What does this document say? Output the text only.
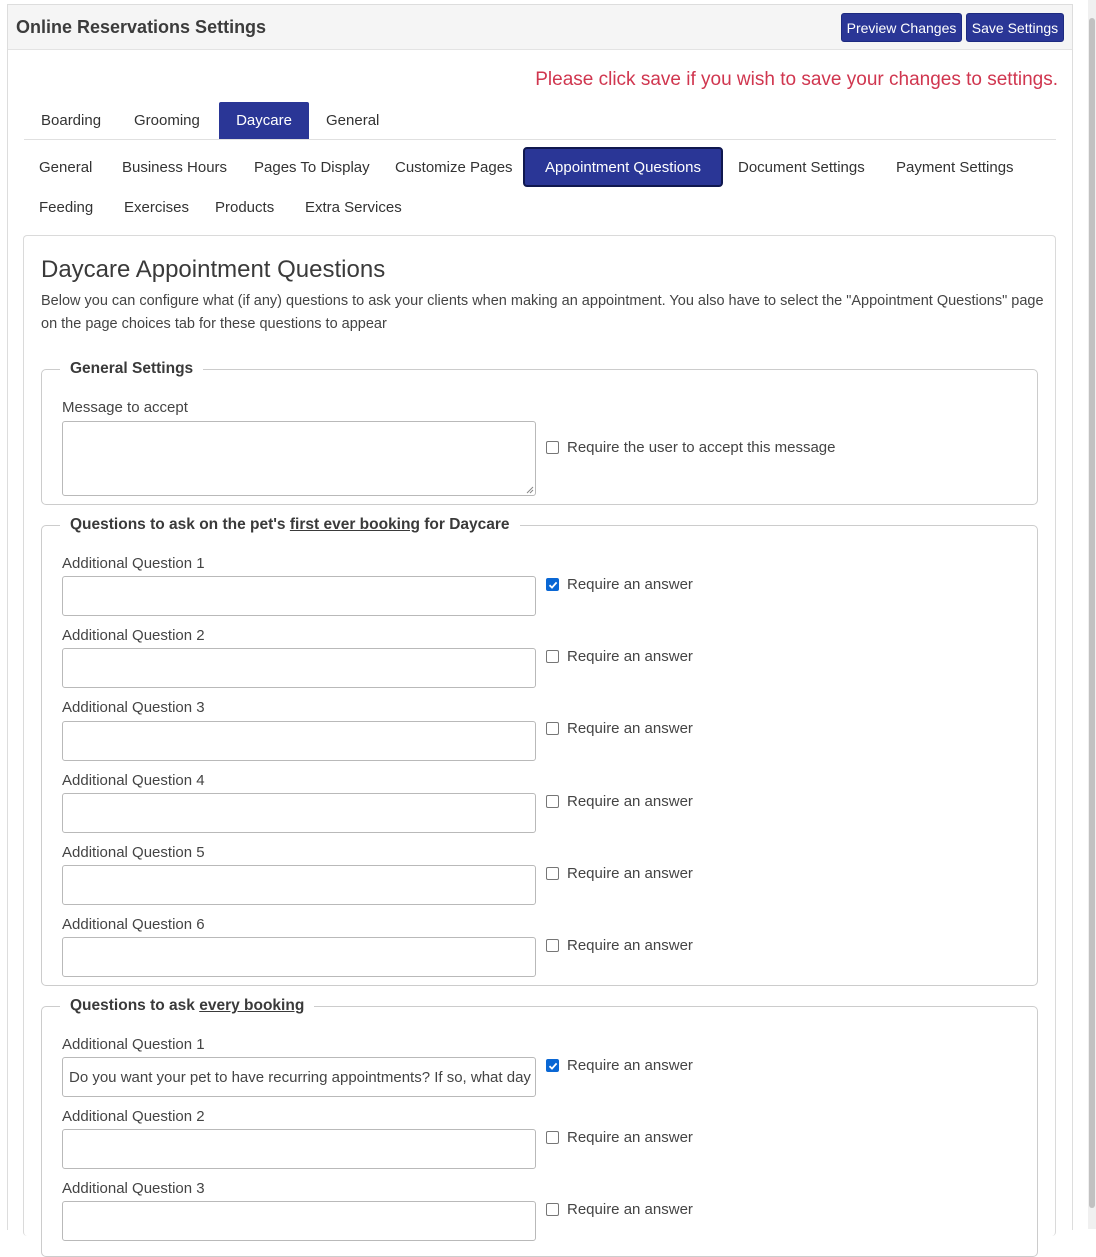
Online Reservations Settings	Preview Changes	Save Settings
Please click save if you wish to save your changes to settings.
Boarding Grooming	Daycare	General
General Business Hours Pages To Display Customize Pages	Appointment Questions	Document Settings Payment Settings
Feeding Exercises Products Extra Services
Daycare Appointment Questions
Below you can configure what (if any) questions to ask your clients when making an appointment. You also have to select the "Appointment Questions" page on the page choices tab for these questions to appear
General Settings
Message to accept
Require the user to accept this message
Questions to ask on the pet's first ever booking for Daycare
Additional Question 1
Require an answer
Additional Question 2
Require an answer
Additional Question 3
Require an answer
Additional Question 4
Require an answer
Additional Question 5
Require an answer
Additional Question 6
Require an answer
Questions to ask every booking
Additional Question 1
Do you want your pet to have recurring appointments? If so, what day
Require an answer
Additional Question 2
Require an answer
Additional Question 3
Require an answer
